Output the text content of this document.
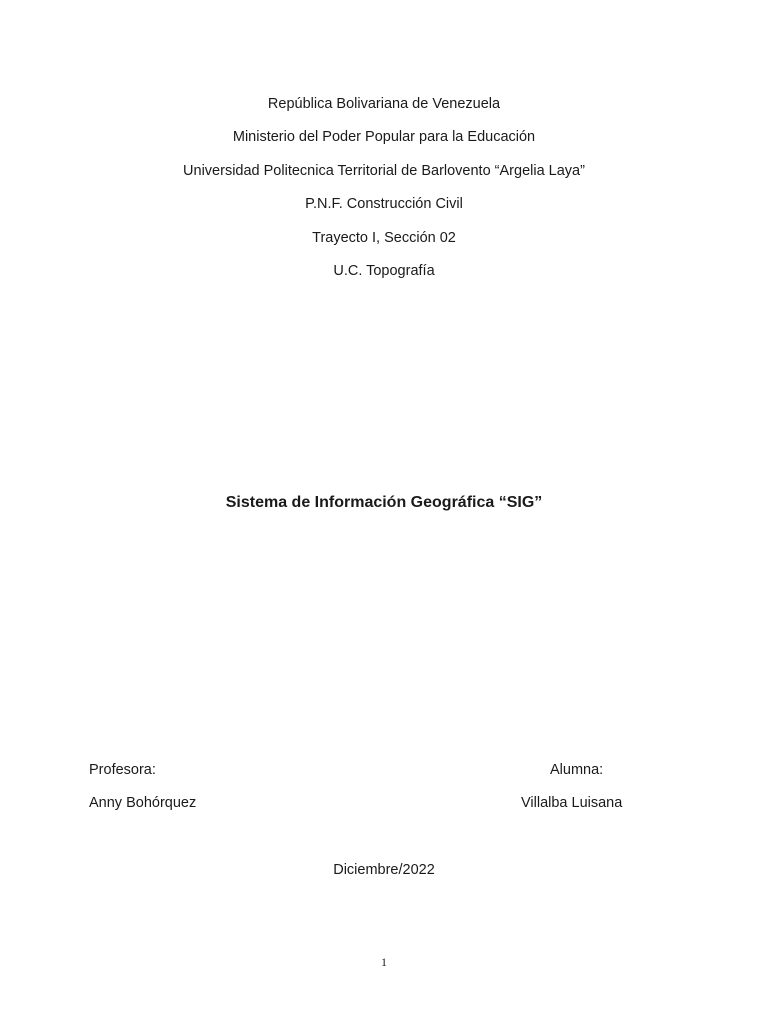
República Bolivariana de Venezuela
Ministerio del Poder Popular para la Educación
Universidad Politecnica Territorial de Barlovento “Argelia Laya”
P.N.F. Construcción Civil
Trayecto I, Sección 02
U.C. Topografía
Sistema de Información Geográfica “SIG”
Profesora:
Anny Bohórquez
Alumna:
Villalba Luisana
Diciembre/2022
1
